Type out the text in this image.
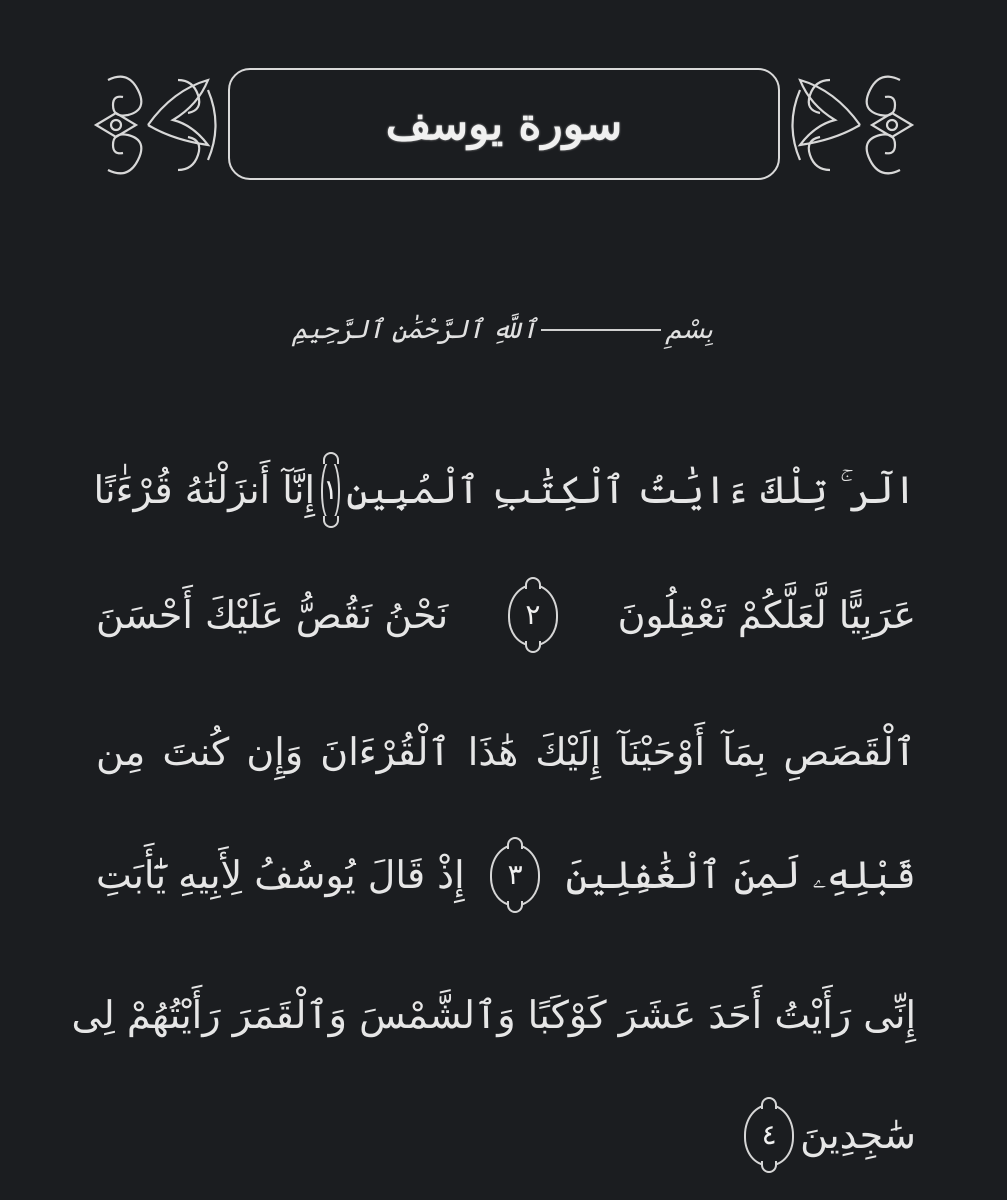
سورة يوسف
بِسْمِ
ٱللَّهِ ٱلرَّحْمَٰنِ ٱلرَّحِيمِ
الٓر ۚ تِلْكَ ءَايَٰتُ ٱلْكِتَٰبِ ٱلْمُبِينِ
١
إِنَّآ أَنزَلْنَٰهُ قُرْءَٰنًا
عَرَبِيًّا لَّعَلَّكُمْ تَعْقِلُونَ
٢
نَحْنُ نَقُصُّ عَلَيْكَ أَحْسَنَ
ٱلْقَصَصِ بِمَآ أَوْحَيْنَآ إِلَيْكَ هَٰذَا ٱلْقُرْءَانَ وَإِن كُنتَ مِن
قَبْلِهِۦ لَمِنَ ٱلْغَٰفِلِينَ
٣
إِذْ قَالَ يُوسُفُ لِأَبِيهِ يَٰٓأَبَتِ
إِنِّى رَأَيْتُ أَحَدَ عَشَرَ كَوْكَبًا وَٱلشَّمْسَ وَٱلْقَمَرَ رَأَيْتُهُمْ لِى
سَٰجِدِينَ
٤
